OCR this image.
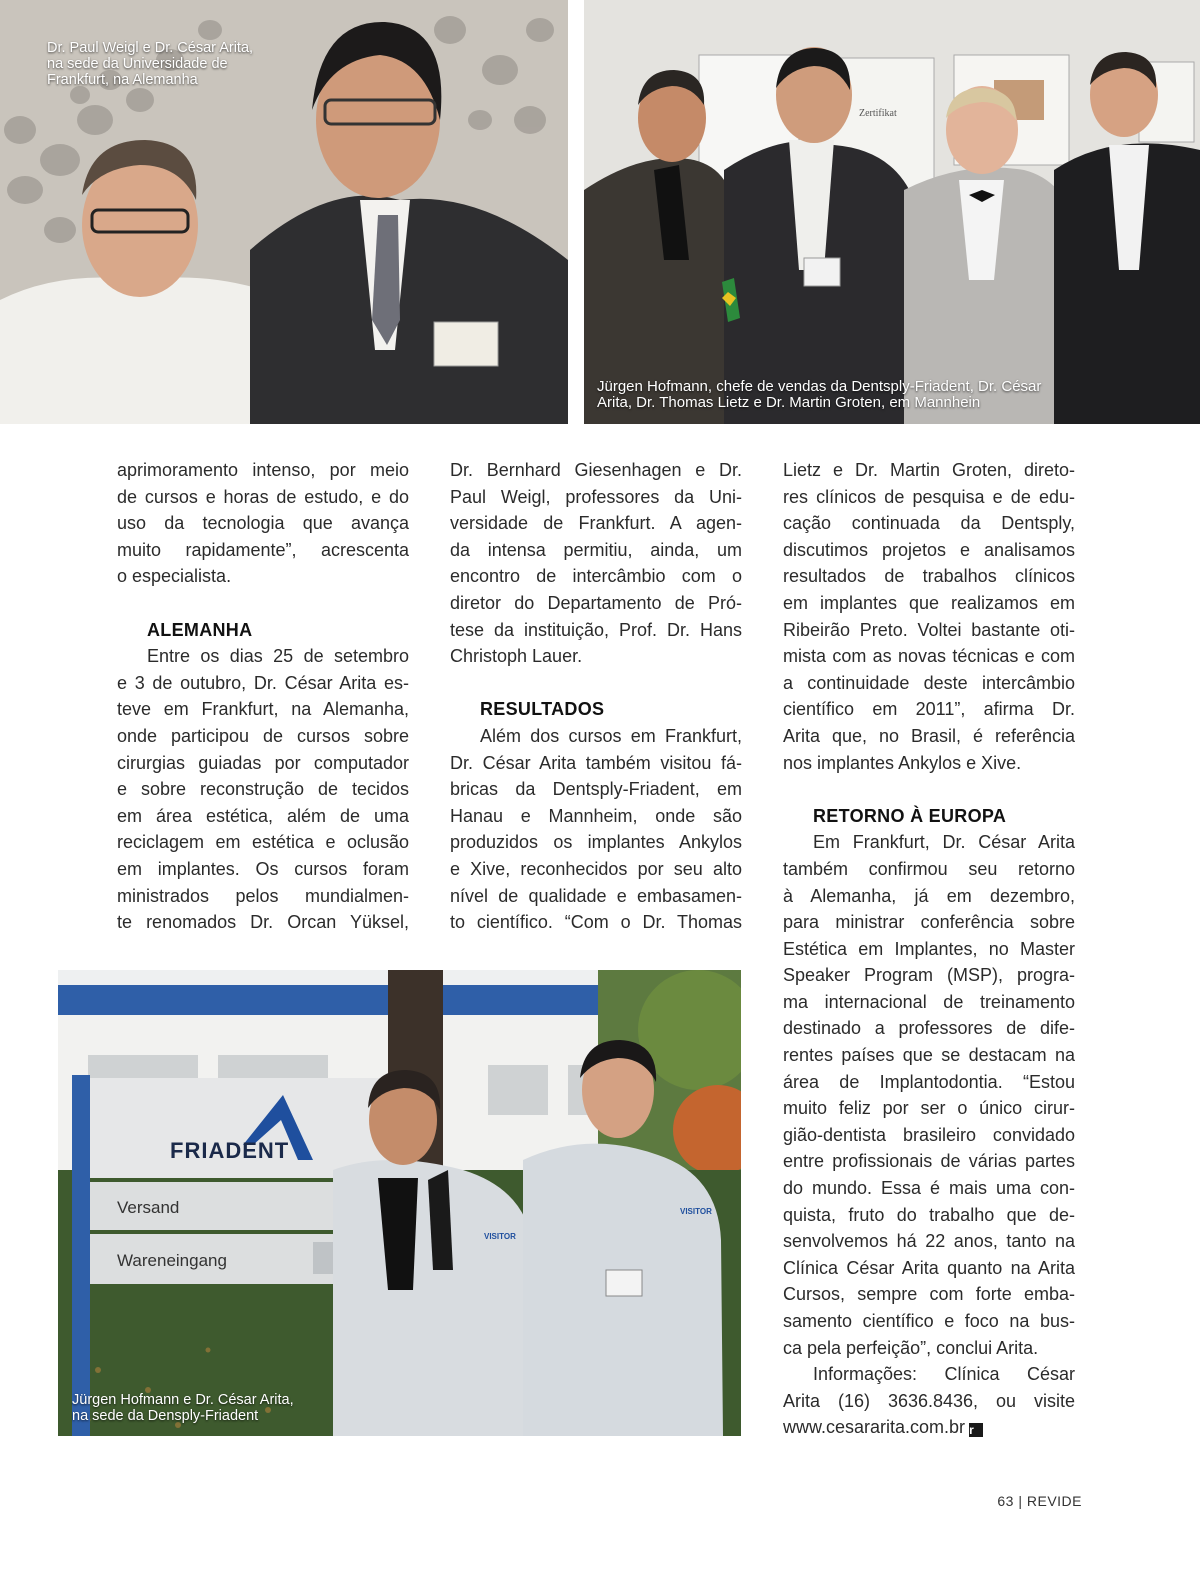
Dr. Paul Weigl e Dr. César Arita,
na sede da Universidade de
Frankfurt, na Alemanha
Jürgen Hofmann, chefe de vendas da Dentsply-Friadent, Dr. César
Arita, Dr. Thomas Lietz e Dr. Martin Groten, em Mannhein
Zertifikat
aprimoramento intenso, por meio
de cursos e horas de estudo, e do
uso da tecnologia que avança
muito rapidamente”, acrescenta
o especialista.
ALEMANHA
Entre os dias 25 de setembro
e 3 de outubro, Dr. César Arita es-
teve em Frankfurt, na Alemanha,
onde participou de cursos sobre
cirurgias guiadas por computador
e sobre reconstrução de tecidos
em área estética, além de uma
reciclagem em estética e oclusão
em implantes. Os cursos foram
ministrados pelos mundialmen-
te renomados Dr. Orcan Yüksel,
Dr. Bernhard Giesenhagen e Dr.
Paul Weigl, professores da Uni-
versidade de Frankfurt. A agen-
da intensa permitiu, ainda, um
encontro de intercâmbio com o
diretor do Departamento de Pró-
tese da instituição, Prof. Dr. Hans
Christoph Lauer.
RESULTADOS
Além dos cursos em Frankfurt,
Dr. César Arita também visitou fá-
bricas da Dentsply-Friadent, em
Hanau e Mannheim, onde são
produzidos os implantes Ankylos
e Xive, reconhecidos por seu alto
nível de qualidade e embasamen-
to científico. “Com o Dr. Thomas
Lietz e Dr. Martin Groten, direto-
res clínicos de pesquisa e de edu-
cação continuada da Dentsply,
discutimos projetos e analisamos
resultados de trabalhos clínicos
em implantes que realizamos em
Ribeirão Preto. Voltei bastante oti-
mista com as novas técnicas e com
a continuidade deste intercâmbio
científico em 2011”, afirma Dr.
Arita que, no Brasil, é referência
nos implantes Ankylos e Xive.
RETORNO À EUROPA
Em Frankfurt, Dr. César Arita
também confirmou seu retorno
à Alemanha, já em dezembro,
para ministrar conferência sobre
Estética em Implantes, no Master
Speaker Program (MSP), progra-
ma internacional de treinamento
destinado a professores de dife-
rentes países que se destacam na
área de Implantodontia. “Estou
muito feliz por ser o único cirur-
gião-dentista brasileiro convidado
entre profissionais de várias partes
do mundo. Essa é mais uma con-
quista, fruto do trabalho que de-
senvolvemos há 22 anos, tanto na
Clínica César Arita quanto na Arita
Cursos, sempre com forte emba-
samento científico e foco na bus-
ca pela perfeição”, conclui Arita.
Informações: Clínica César
Arita (16) 3636.8436, ou visite
www.cesararita.com.br r
FRIADENT
Versand
Wareneingang
VISITOR
VISITOR
Jürgen Hofmann e Dr. César Arita,
na sede da Densply-Friadent
63 | REVIDE
